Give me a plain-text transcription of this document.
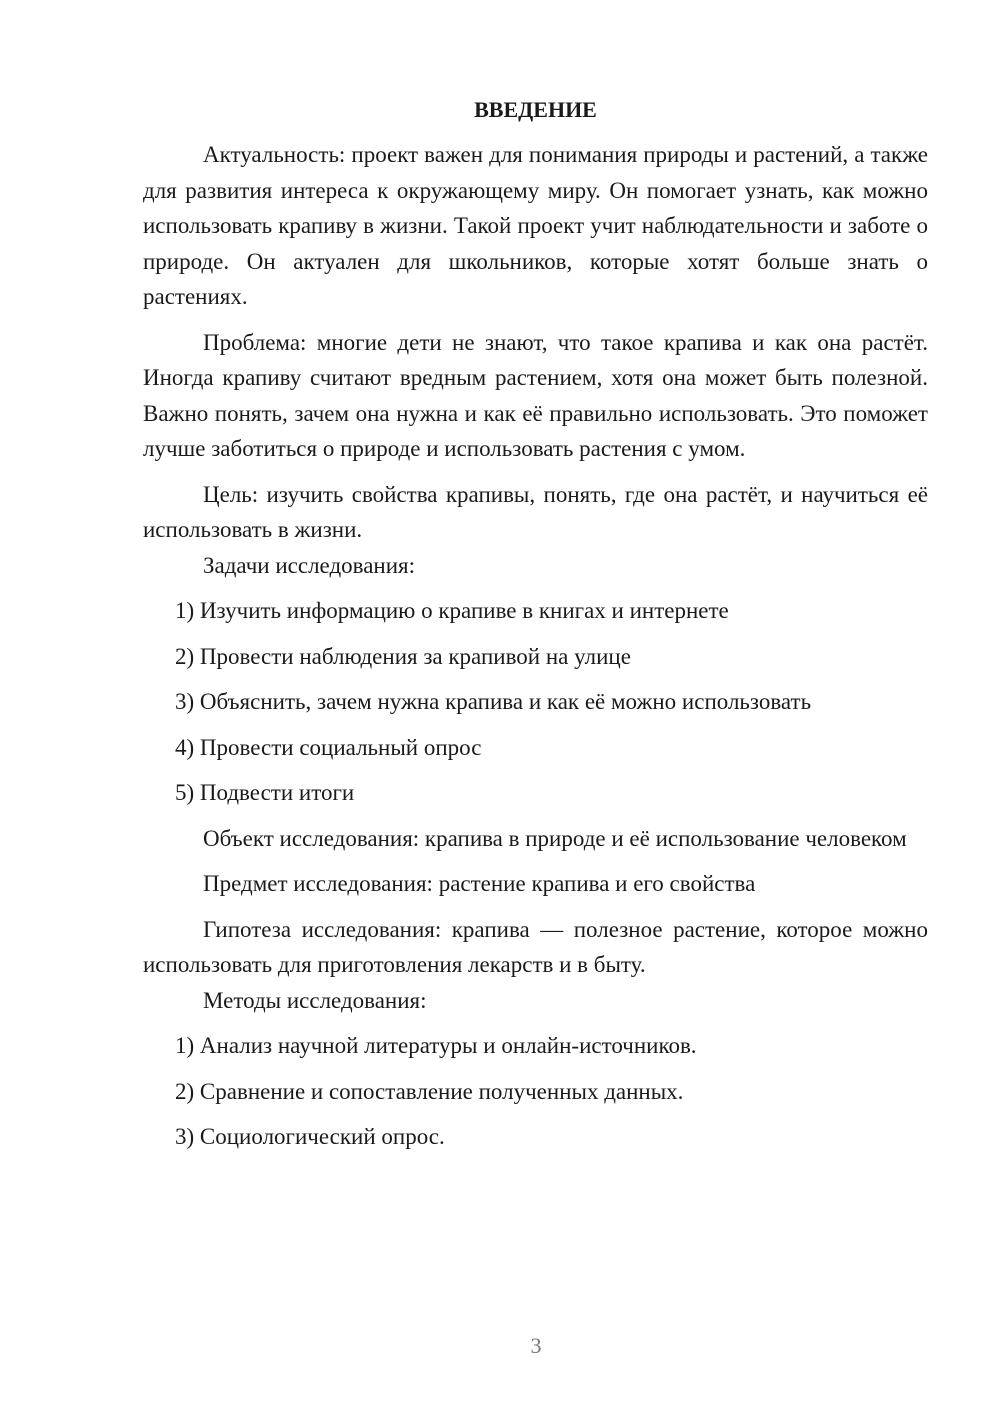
ВВЕДЕНИЕ

Актуальность: проект важен для понимания природы и растений, а также для развития интереса к окружающему миру. Он помогает узнать, как можно использовать крапиву в жизни. Такой проект учит наблюдательности и заботе о природе. Он актуален для школьников, которые хотят больше знать о растениях.

Проблема: многие дети не знают, что такое крапива и как она растёт. Иногда крапиву считают вредным растением, хотя она может быть полезной. Важно понять, зачем она нужна и как её правильно использовать. Это поможет лучше заботиться о природе и использовать растения с умом.

Цель: изучить свойства крапивы, понять, где она растёт, и научиться её использовать в жизни.

Задачи исследования:

1) Изучить информацию о крапиве в книгах и интернете
2) Провести наблюдения за крапивой на улице
3) Объяснить, зачем нужна крапива и как её можно использовать
4) Провести социальный опрос
5) Подвести итоги

Объект исследования: крапива в природе и её использование человеком

Предмет исследования: растение крапива и его свойства

Гипотеза исследования: крапива — полезное растение, которое можно использовать для приготовления лекарств и в быту.

Методы исследования:

1) Анализ научной литературы и онлайн-источников.
2) Сравнение и сопоставление полученных данных.
3) Социологический опрос.
3
